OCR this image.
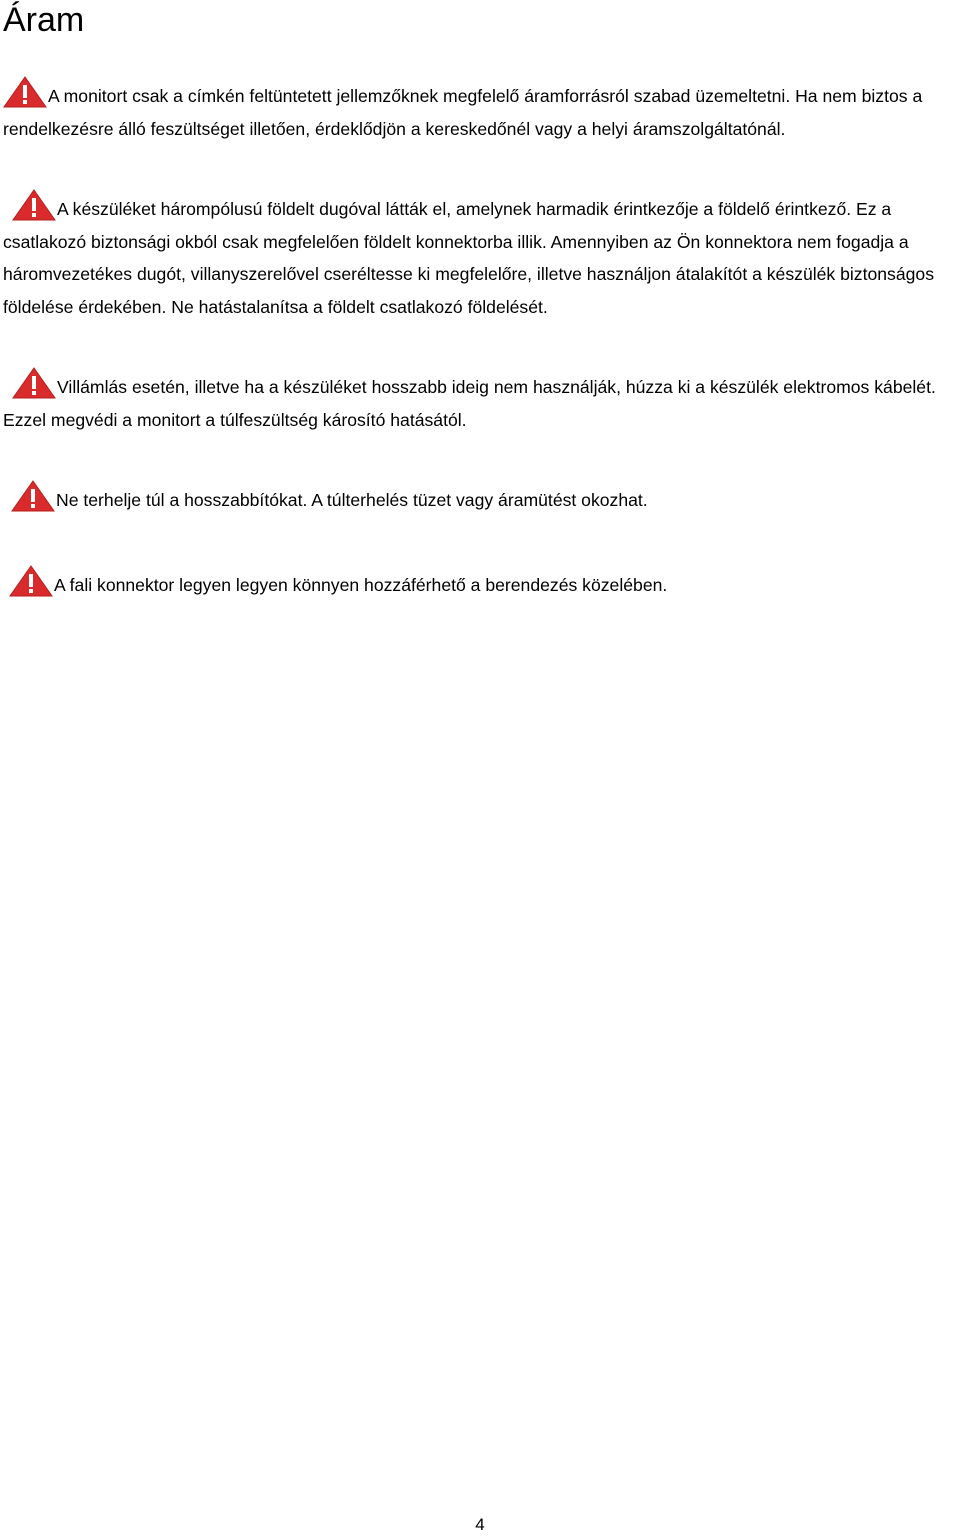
Áram

A monitort csak a címkén feltüntetett jellemzőknek megfelelő áramforrásról szabad üzemeltetni. Ha nem biztos a rendelkezésre álló feszültséget illetően, érdeklődjön a kereskedőnél vagy a helyi áramszolgáltatónál.

A készüléket hárompólusú földelt dugóval látták el, amelynek harmadik érintkezője a földelő érintkező. Ez a csatlakozó biztonsági okból csak megfelelően földelt konnektorba illik. Amennyiben az Ön konnektora nem fogadja a háromvezetékes dugót, villanyszerelővel cseréltesse ki megfelelőre, illetve használjon átalakítót a készülék biztonságos földelése érdekében. Ne hatástalanítsa a földelt csatlakozó földelését.

Villámlás esetén, illetve ha a készüléket hosszabb ideig nem használják, húzza ki a készülék elektromos kábelét. Ezzel megvédi a monitort a túlfeszültség károsító hatásától.

Ne terhelje túl a hosszabbítókat. A túlterhelés tüzet vagy áramütést okozhat.

A fali konnektor legyen legyen könnyen hozzáférhető a berendezés közelében.

4
